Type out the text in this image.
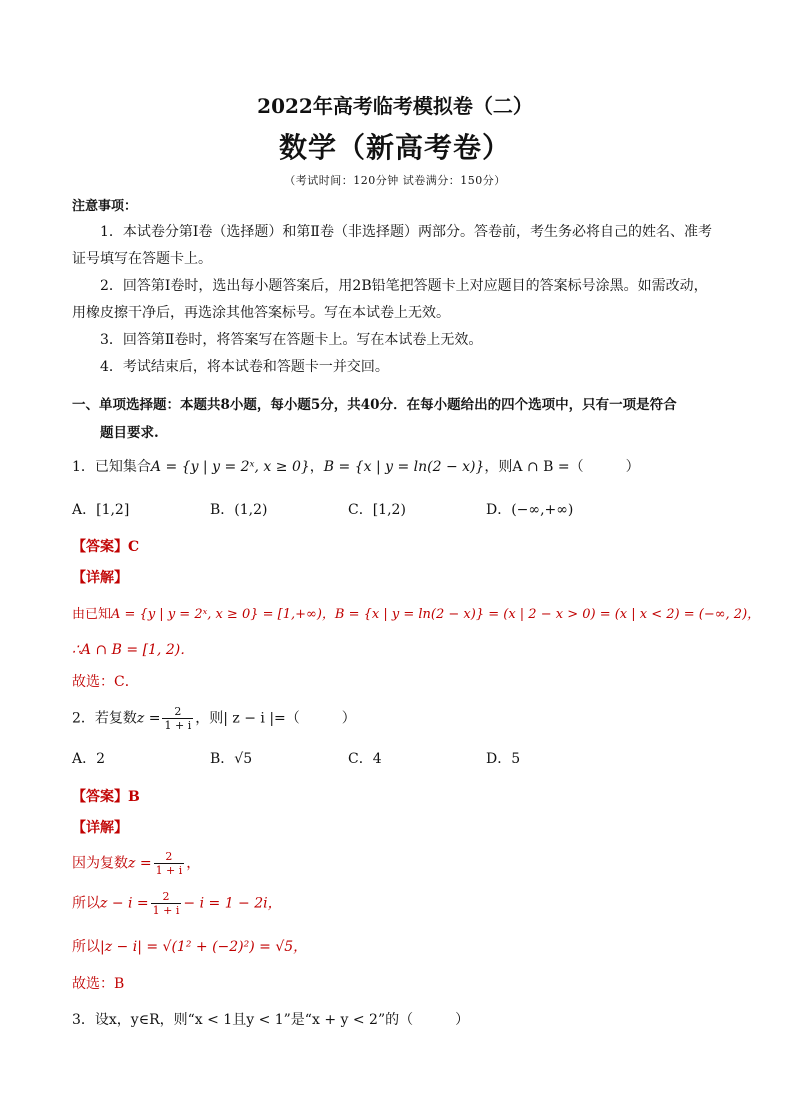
2022年高考临考模拟卷（二）
数学（新高考卷）
（考试时间：120分钟 试卷满分：150分）
注意事项：
1．本试卷分第Ⅰ卷（选择题）和第Ⅱ卷（非选择题）两部分。答卷前，考生务必将自己的姓名、准考
证号填写在答题卡上。
2．回答第Ⅰ卷时，选出每小题答案后，用2B铅笔把答题卡上对应题目的答案标号涂黑。如需改动，
用橡皮擦干净后，再选涂其他答案标号。写在本试卷上无效。
3．回答第Ⅱ卷时，将答案写在答题卡上。写在本试卷上无效。
4．考试结束后，将本试卷和答题卡一并交回。
一、单项选择题：本题共8小题，每小题5分，共40分．在每小题给出的四个选项中，只有一项是符合
题目要求.
1．已知集合A = {y | y = 2ˣ, x ≥ 0}，B = {x | y = ln(2 − x)}，则A ∩ B =（　　　）
A．[1,2]	B．(1,2)	C．[1,2)	D．(−∞,+∞)
【答案】C
【详解】
由已知A = {y | y = 2ˣ, x ≥ 0} = [1,+∞)，B = {x | y = ln(2 − x)} = (x | 2 − x > 0) = (x | x < 2) = (−∞, 2)，
∴A ∩ B = [1, 2)．
故选：C．
2．若复数$z = \frac{2}{1 + i}$ ，则| z − i |=（　　　）
A．2	B．√5	C．4	D．5
【答案】B
【详解】
因为复数$z = \frac{2}{1 + i}$ ，
所以$z - i = \frac{2}{1 + i} - i = 1 - 2i$，
所以|z − i| = √(1² + (−2)²) = √5，
故选：B
3．设x，y∈R，则“x < 1且y < 1”是“x + y < 2”的（　　　）
